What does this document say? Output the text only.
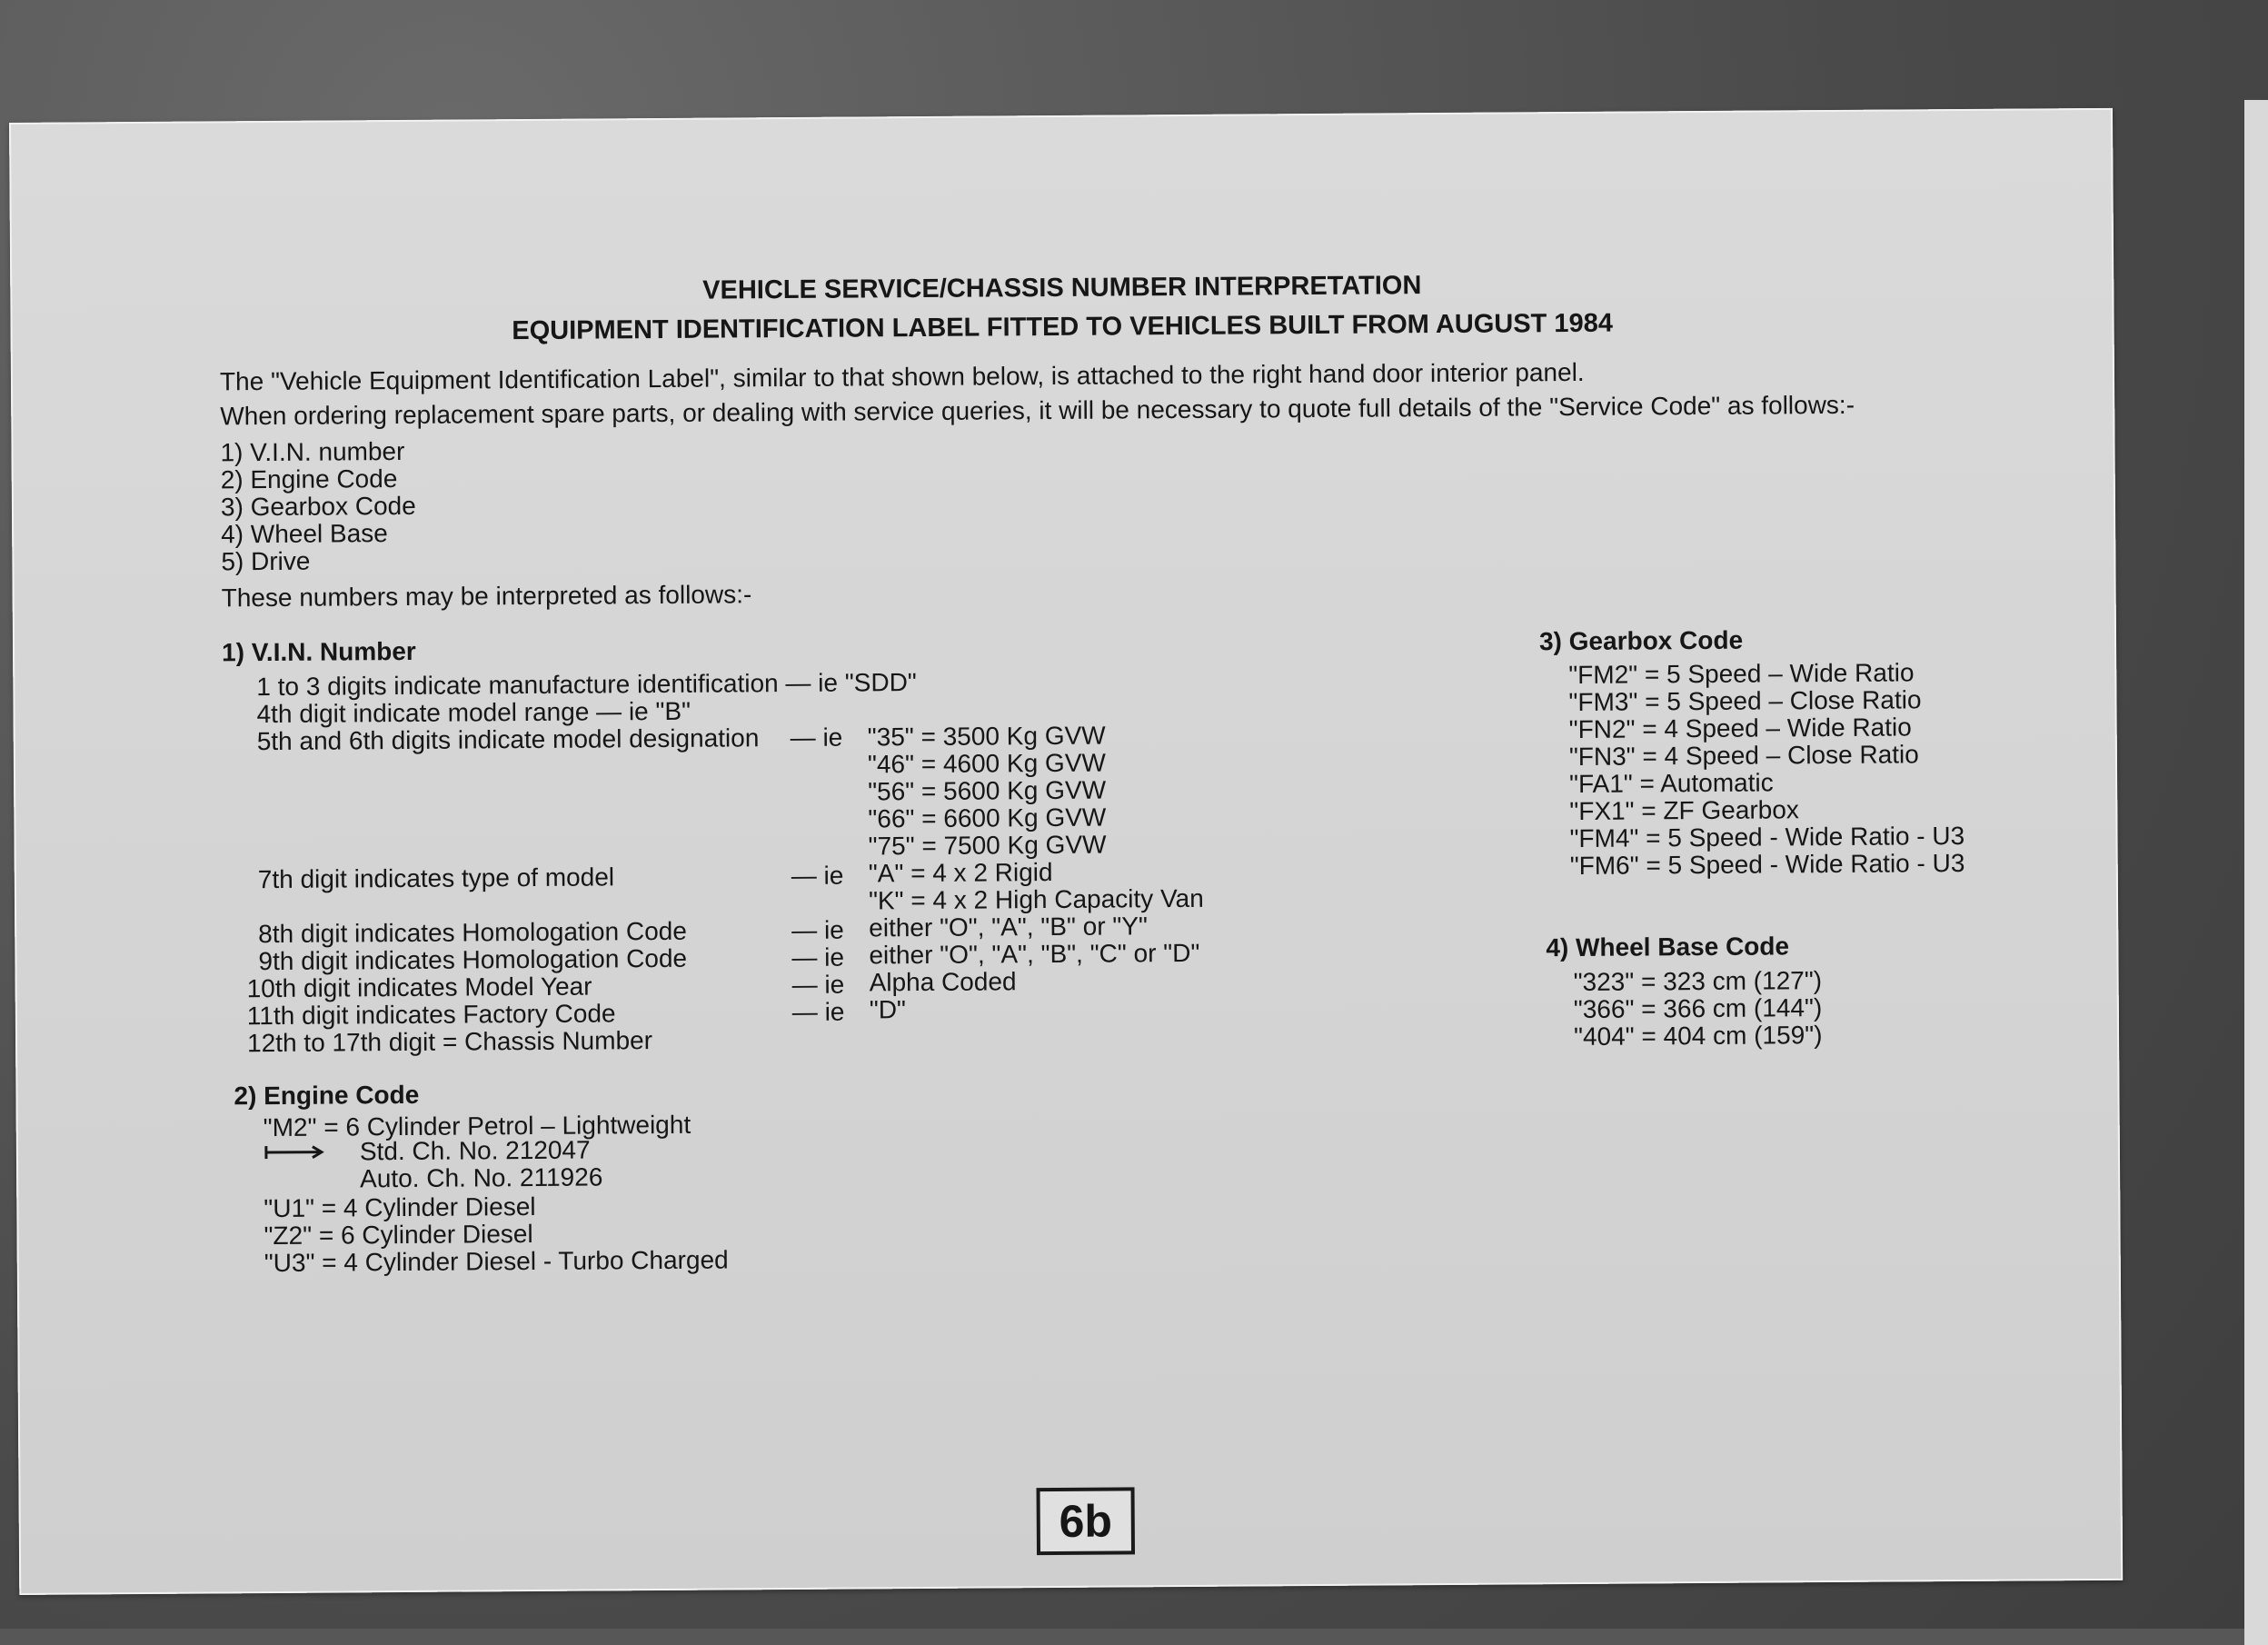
VEHICLE SERVICE/CHASSIS NUMBER INTERPRETATION
EQUIPMENT IDENTIFICATION LABEL FITTED TO VEHICLES BUILT FROM AUGUST 1984
The "Vehicle Equipment Identification Label", similar to that shown below, is attached to the right hand door interior panel.
When ordering replacement spare parts, or dealing with service queries, it will be necessary to quote full details of the "Service Code" as follows:-
1) V.I.N. number
2) Engine Code
3) Gearbox Code
4) Wheel Base
5) Drive
These numbers may be interpreted as follows:-
1) V.I.N. Number
1 to 3 digits indicate manufacture identification — ie "SDD"
4th digit indicate model range — ie "B"
5th and 6th digits indicate model designation — ie "35" = 3500 Kg GVW
"46" = 4600 Kg GVW
"56" = 5600 Kg GVW
"66" = 6600 Kg GVW
"75" = 7500 Kg GVW
7th digit indicates type of model	— ie "A" = 4 x 2 Rigid
"K" = 4 x 2 High Capacity Van
8th digit indicates Homologation Code	— ie either "O", "A", "B" or "Y"
9th digit indicates Homologation Code	— ie either "O", "A", "B", "C" or "D"
10th digit indicates Model Year	— ie Alpha Coded
11th digit indicates Factory Code	— ie "D"
12th to 17th digit = Chassis Number
2) Engine Code
"M2" = 6 Cylinder Petrol – Lightweight
Std. Ch. No. 212047
Auto. Ch. No. 211926
"U1" = 4 Cylinder Diesel
"Z2" = 6 Cylinder Diesel
"U3" = 4 Cylinder Diesel - Turbo Charged
3) Gearbox Code
"FM2" = 5 Speed – Wide Ratio
"FM3" = 5 Speed – Close Ratio
"FN2" = 4 Speed – Wide Ratio
"FN3" = 4 Speed – Close Ratio
"FA1" = Automatic
"FX1" = ZF Gearbox
"FM4" = 5 Speed - Wide Ratio - U3
"FM6" = 5 Speed - Wide Ratio - U3
4) Wheel Base Code
"323" = 323 cm (127")
"366" = 366 cm (144")
"404" = 404 cm (159")
6b
